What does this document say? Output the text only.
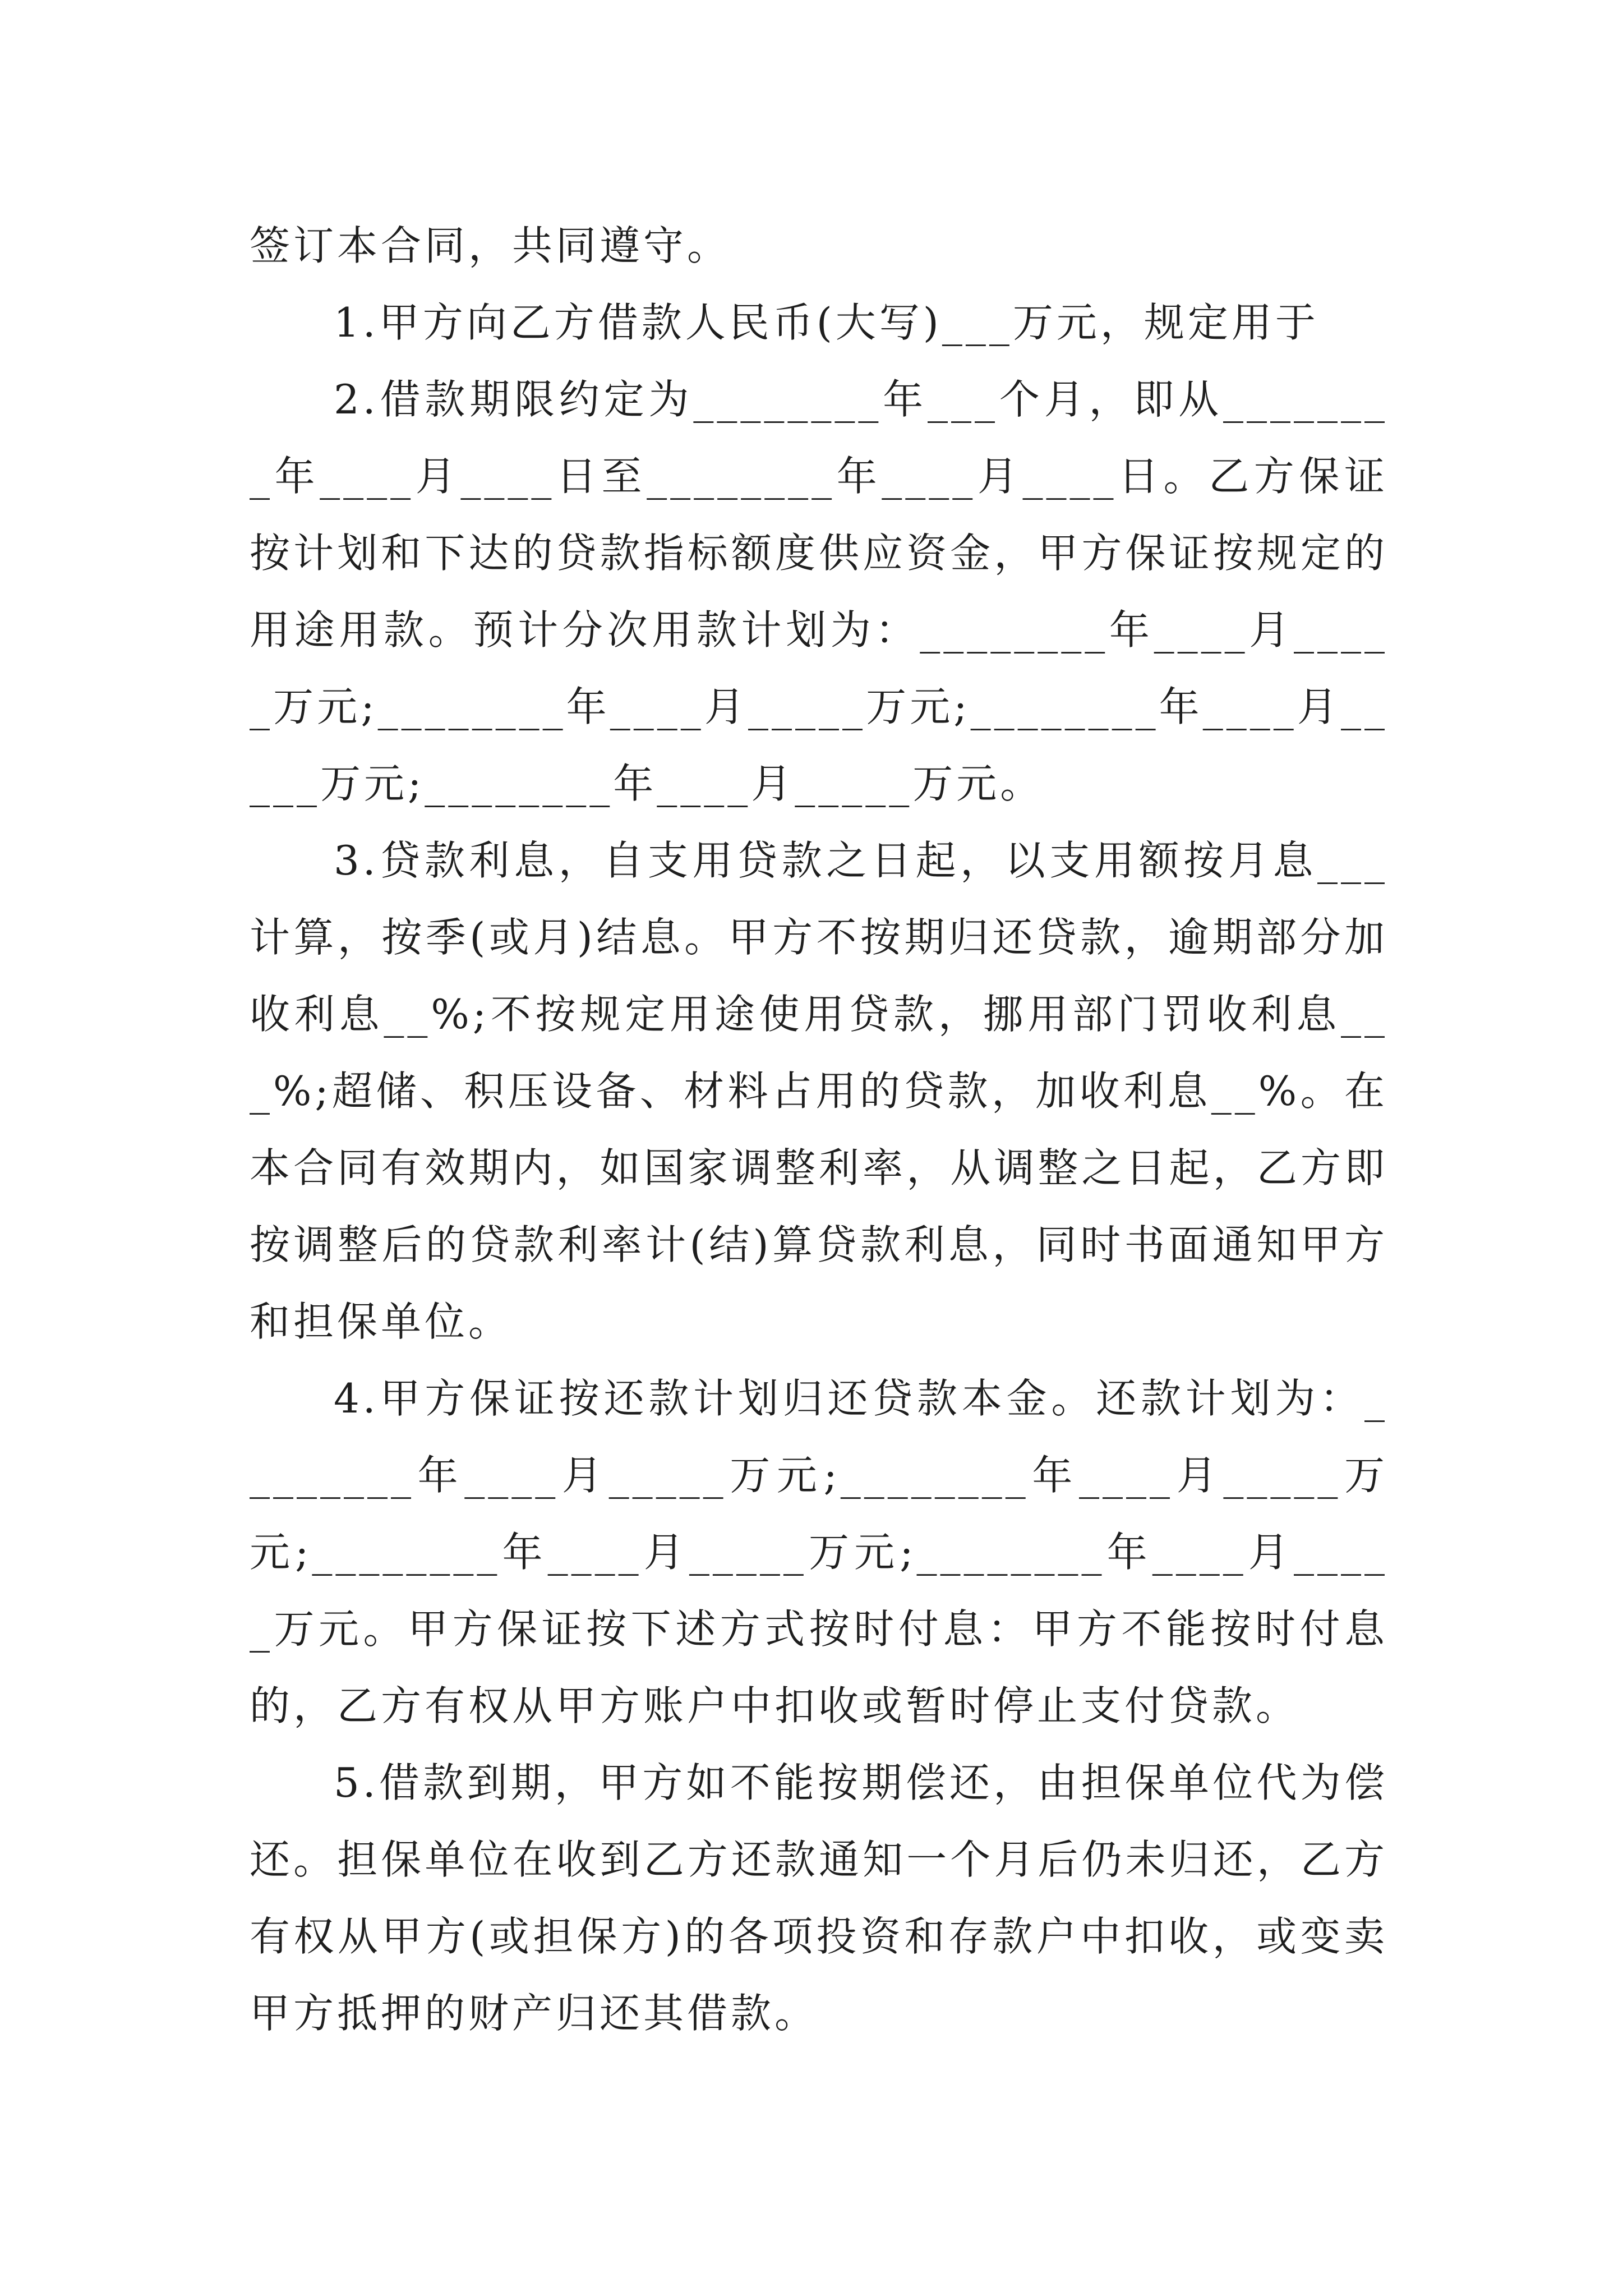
签订本合同，共同遵守。

1.甲方向乙方借款人民币(大写)___万元，规定用于

2.借款期限约定为________年___个月，即从________年____月____日至________年____月____日。乙方保证按计划和下达的贷款指标额度供应资金，甲方保证按规定的用途用款。预计分次用款计划为：________年____月_____万元;________年____月_____万元;________年____月_____万元;________年____月_____万元。

3.贷款利息，自支用贷款之日起，以支用额按月息___计算，按季(或月)结息。甲方不按期归还贷款，逾期部分加收利息__%;不按规定用途使用贷款，挪用部门罚收利息___%;超储、积压设备、材料占用的贷款，加收利息__%。在本合同有效期内，如国家调整利率，从调整之日起，乙方即按调整后的贷款利率计(结)算贷款利息，同时书面通知甲方和担保单位。

4.甲方保证按还款计划归还贷款本金。还款计划为：________年____月_____万元;________年____月_____万元;________年____月_____万元;________年____月_____万元。甲方保证按下述方式按时付息：甲方不能按时付息的，乙方有权从甲方账户中扣收或暂时停止支付贷款。

5.借款到期，甲方如不能按期偿还，由担保单位代为偿还。担保单位在收到乙方还款通知一个月后仍未归还，乙方有权从甲方(或担保方)的各项投资和存款户中扣收，或变卖甲方抵押的财产归还其借款。
